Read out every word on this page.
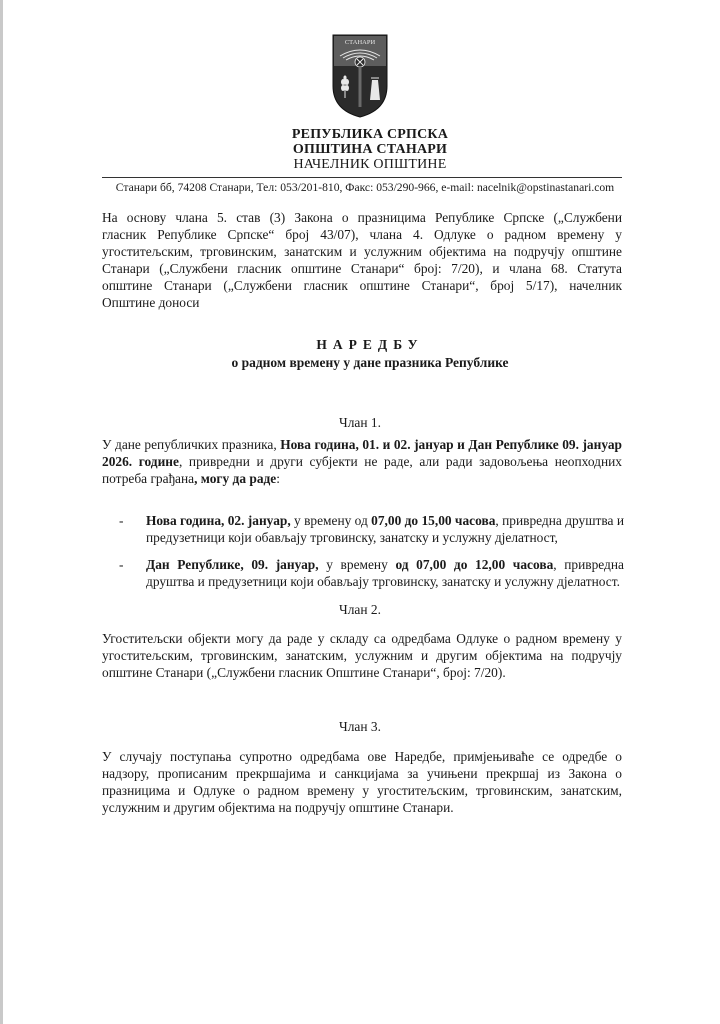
СТАНАРИ
РЕПУБЛИКА СРПСКА
ОПШТИНА СТАНАРИ
НАЧЕЛНИК ОПШТИНЕ
Станари бб, 74208 Станари, Тел: 053/201-810, Факс: 053/290-966, e-mail: nacelnik@opstinastanari.com
На основу члана 5. став (3) Закона о празницима Републике Српске („Службени
гласник Републике Српске“ број 43/07), члана 4. Одлуке о радном времену у
угоститељским, трговинским, занатским и услужним објектима на подручју општине
Станари („Службени гласник општине Станари“ број: 7/20), и члана 68. Статута
општине Станари („Службени гласник општине Станари“, број 5/17), начелник
Општине доноси
НАРЕДБУ
о радном времену у дане празника Републике
Члан 1.
У дане републичких празника, Нова година, 01. и 02. јануар и Дан Републике 09. јануар 2026. године, привредни и други субјекти не раде, али ради задовољења неопходних потреба грађана, могу да раде:
- Нова година, 02. јануар, у времену од 07,00 до 15,00 часова, привредна друштва и предузетници који обављају трговинску, занатску и услужну дјелатност,
- Дан Републике, 09. јануар, у времену од 07,00 до 12,00 часова, привредна друштва и предузетници који обављају трговинску, занатску и услужну дјелатност.
Члан 2.
Угоститељски објекти могу да раде у складу са одредбама Одлуке о радном времену у угоститељским, трговинским, занатским, услужним и другим објектима на подручју општине Станари („Службени гласник Општине Станари“, број: 7/20).
Члан 3.
У случају поступања супротно одредбама ове Наредбе, примјењиваће се одредбе о надзору, прописаним прекршајима и санкцијама за учињени прекршај из Закона о празницима и Одлуке о радном времену у угоститељским, трговинским, занатским, услужним и другим објектима на подручју општине Станари.
